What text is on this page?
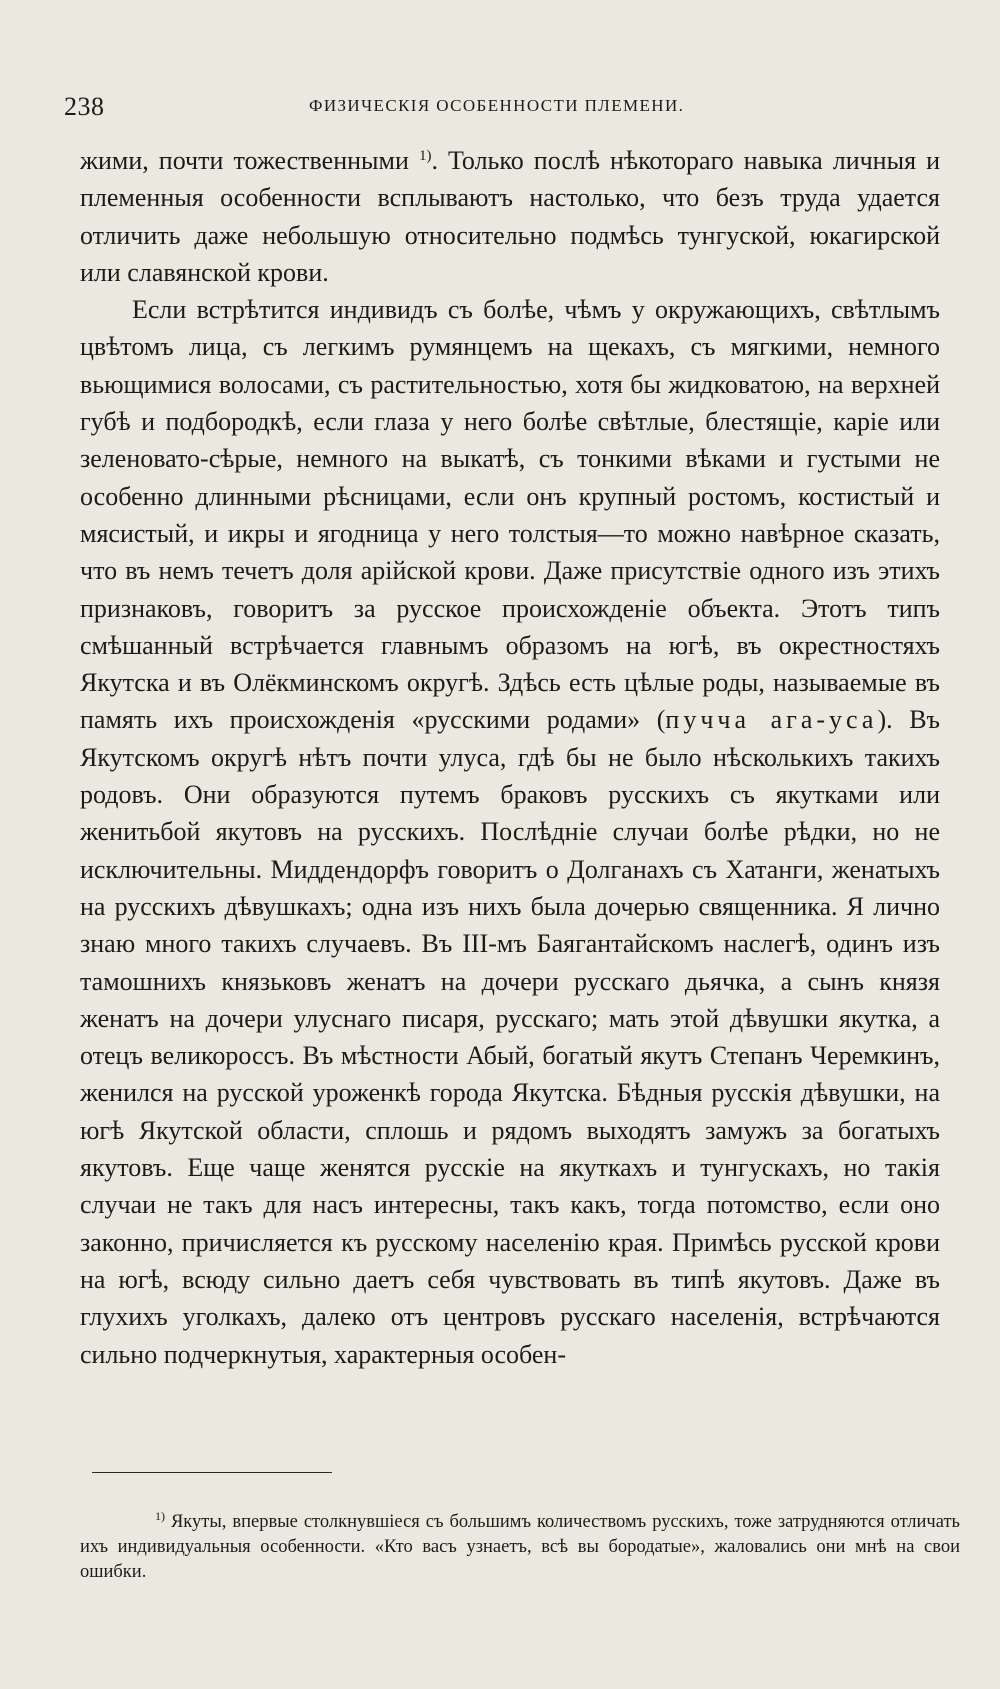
238	ФИЗИЧЕСКІЯ ОСОБЕННОСТИ ПЛЕМЕНИ.

жими, почти тожественными $^{1)}$. Только послѣ нѣкотораго навыка личныя и племенныя особенности всплываютъ настолько, что безъ труда удается отличить даже небольшую относительно подмѣсь тунгуской, юкагирской или славянской крови.

Если встрѣтится индивидъ съ болѣе, чѣмъ у окружающихъ, свѣтлымъ цвѣтомъ лица, съ легкимъ румянцемъ на щекахъ, съ мягкими, немного вьющимися волосами, съ растительностью, хотя бы жидковатою, на верхней губѣ и подбородкѣ, если глаза у него болѣе свѣтлые, блестящіе, каріе или зеленовато-сѣрые, немного на выкатѣ, съ тонкими вѣками и густыми не особенно длинными рѣсницами, если онъ крупный ростомъ, костистый и мясистый, и икры и ягодница у него толстыя—то можно навѣрное сказать, что въ немъ течетъ доля арійской крови. Даже присутствіе одного изъ этихъ признаковъ, говоритъ за русское происхожденіе объекта. Этотъ типъ смѣшанный встрѣчается главнымъ образомъ на югѣ, въ окрестностяхъ Якутска и въ Олёкминскомъ округѣ. Здѣсь есть цѣлые роды, называемые въ память ихъ происхожденія «русскими родами» (пучча ага-уса). Въ Якутскомъ округѣ нѣтъ почти улуса, гдѣ бы не было нѣсколькихъ такихъ родовъ. Они образуются путемъ браковъ русскихъ съ якутками или женитьбой якутовъ на русскихъ. Послѣдніе случаи болѣе рѣдки, но не исключительны. Миддендорфъ говоритъ о Долганахъ съ Хатанги, женатыхъ на русскихъ дѣвушкахъ; одна изъ нихъ была дочерью священника. Я лично знаю много такихъ случаевъ. Въ III-мъ Баягантайскомъ наслегѣ, одинъ изъ тамошнихъ князьковъ женатъ на дочери русскаго дьячка, а сынъ князя женатъ на дочери улуснаго писаря, русскаго; мать этой дѣвушки якутка, а отецъ великороссъ. Въ мѣстности Абый, богатый якутъ Степанъ Черемкинъ, женился на русской уроженкѣ города Якутска. Бѣдныя русскія дѣвушки, на югѣ Якутской области, сплошь и рядомъ выходятъ замужъ за богатыхъ якутовъ. Еще чаще женятся русскіе на якуткахъ и тунгускахъ, но такія случаи не такъ для насъ интересны, такъ какъ, тогда потомство, если оно законно, причисляется къ русскому населенію края. Примѣсь русской крови на югѣ, всюду сильно даетъ себя чувствовать въ типѣ якутовъ. Даже въ глухихъ уголкахъ, далеко отъ центровъ русскаго населенія, встрѣчаются сильно подчеркнутыя, характерныя особен-

$^{1)}$ Якуты, впервые столкнувшіеся съ большимъ количествомъ русскихъ, тоже затрудняются отличать ихъ индивидуальныя особенности. «Кто васъ узнаетъ, всѣ вы бородатые», жаловались они мнѣ на свои ошибки.
